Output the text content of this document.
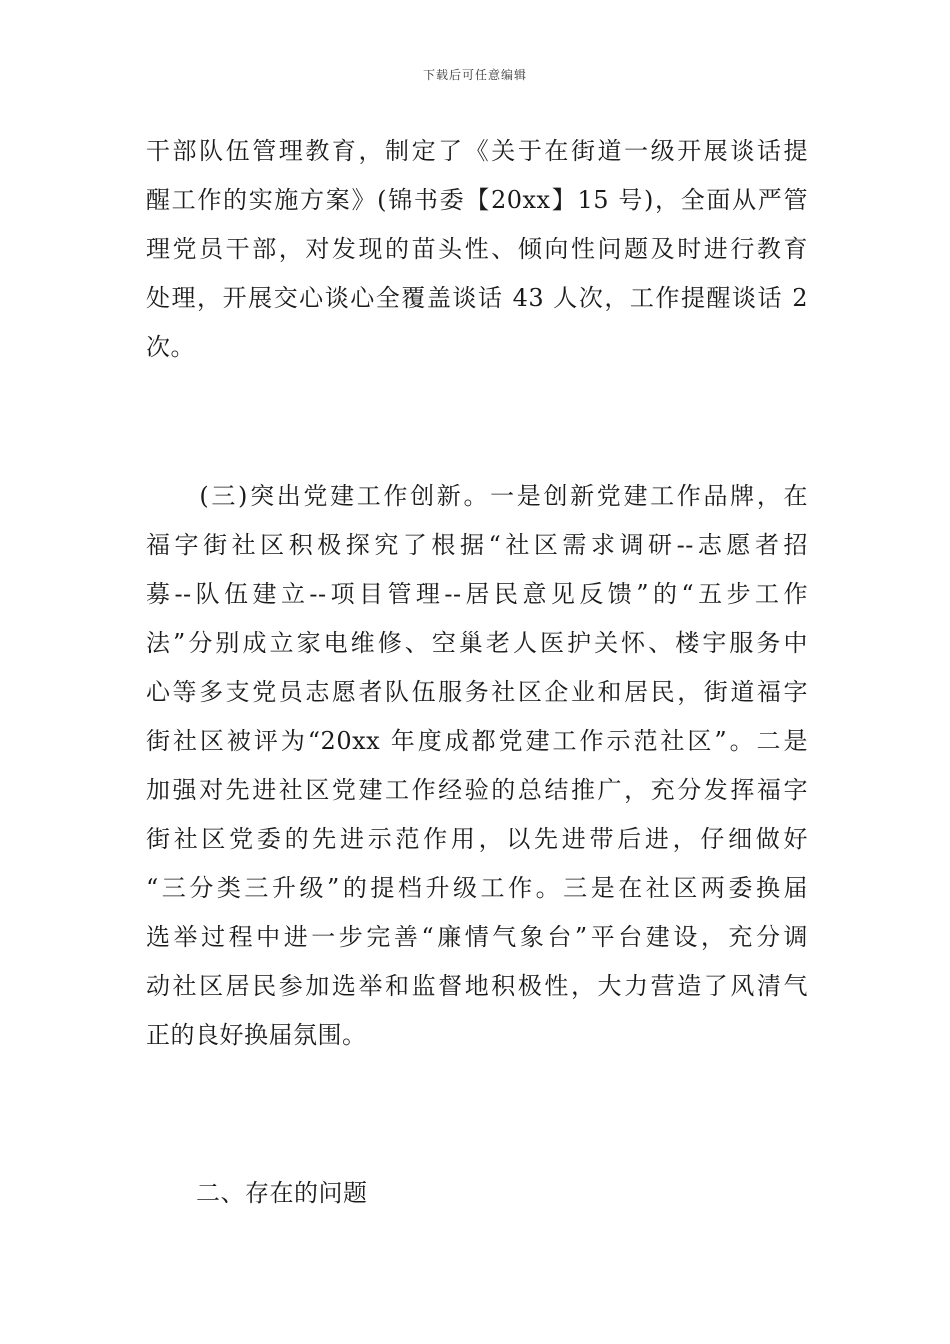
下载后可任意编辑
干部队伍管理教育，制定了《关于在街道一级开展谈话提
醒工作的实施方案》(锦书委【20xx】15 号)，全面从严管
理党员干部，对发现的苗头性、倾向性问题及时进行教育
处理，开展交心谈心全覆盖谈话 43 人次，工作提醒谈话 2
次。
　　(三)突出党建工作创新。一是创新党建工作品牌，在
福字街社区积极探究了根据“社区需求调研--志愿者招
募--队伍建立--项目管理--居民意见反馈”的“五步工作
法”分别成立家电维修、空巢老人医护关怀、楼宇服务中
心等多支党员志愿者队伍服务社区企业和居民，街道福字
街社区被评为“20xx 年度成都党建工作示范社区”。二是
加强对先进社区党建工作经验的总结推广，充分发挥福字
街社区党委的先进示范作用，以先进带后进，仔细做好
“三分类三升级”的提档升级工作。三是在社区两委换届
选举过程中进一步完善“廉情气象台”平台建设，充分调
动社区居民参加选举和监督地积极性，大力营造了风清气
正的良好换届氛围。
二、存在的问题
